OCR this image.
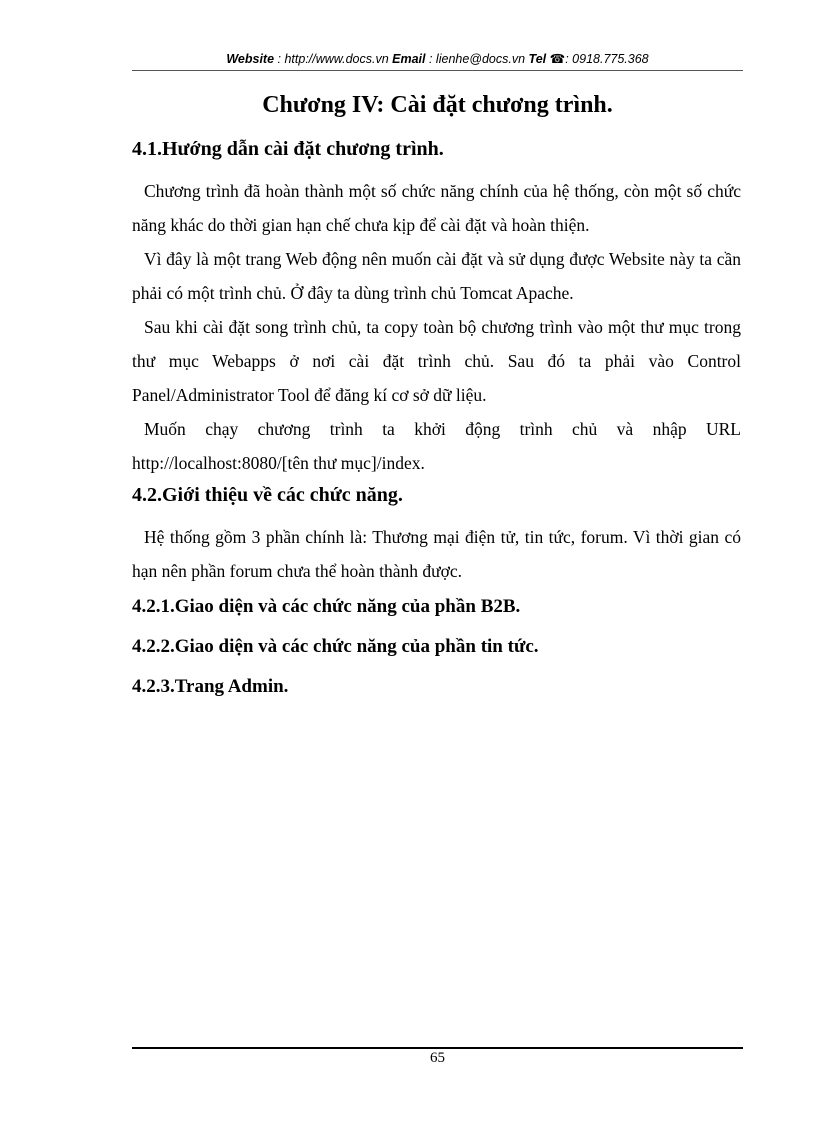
Website : http://www.docs.vn Email : lienhe@docs.vn Tel ☎: 0918.775.368
Chương IV: Cài đặt chương trình.
4.1.Hướng dẫn cài đặt chương trình.

Chương trình đã hoàn thành một số chức năng chính của hệ thống, còn một số chức năng khác do thời gian hạn chế chưa kịp để cài đặt và hoàn thiện.

Vì đây là một trang Web động nên muốn cài đặt và sử dụng được Website này ta cần phải có một trình chủ. Ở đây ta dùng trình chủ Tomcat Apache.

Sau khi cài đặt song trình chủ, ta copy toàn bộ chương trình vào một thư mục trong thư mục Webapps ở nơi cài đặt trình chủ. Sau đó ta phải vào Control Panel/Administrator Tool để đăng kí cơ sở dữ liệu.

Muốn chạy chương trình ta khởi động trình chủ và nhập URL http://localhost:8080/[tên thư mục]/index.

4.2.Giới thiệu về các chức năng.

Hệ thống gồm 3 phần chính là: Thương mại điện tử, tin tức, forum. Vì thời gian có hạn nên phần forum chưa thể hoàn thành được.

4.2.1.Giao diện và các chức năng của phần B2B.
4.2.2.Giao diện và các chức năng của phần tin tức.
4.2.3.Trang Admin.
65
